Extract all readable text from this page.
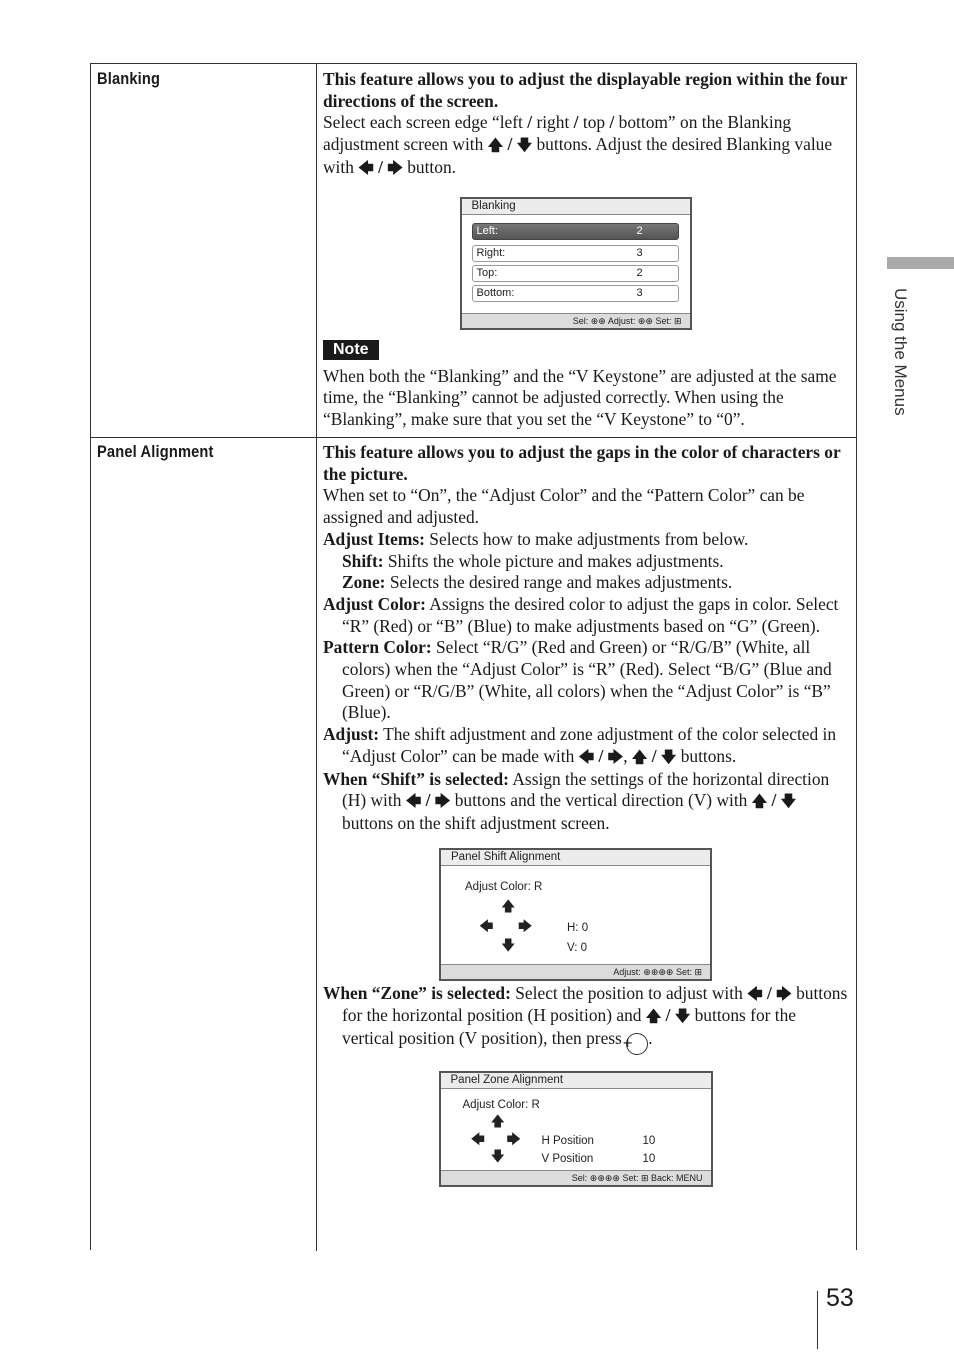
Using the Menus
Blanking	This feature allows you to adjust the displayable region within the four directions of the screen.

Select each screen edge “left / right / top / bottom” on the Blanking adjustment screen with 🡅 / 🡇 buttons. Adjust the desired Blanking value with 🡄 / 🡆 button.

Blanking
Left:	2
Right:	3
Top:	2
Bottom:	3
Sel: ⊕⊕ Adjust: ⊕⊕ Set: ⊞
Note

When both the “Blanking” and the “V Keystone” are adjusted at the same time, the “Blanking” cannot be adjusted correctly. When using the “Blanking”, make sure that you set the “V Keystone” to “0”.

Panel Alignment	This feature allows you to adjust the gaps in the color of characters or the picture.

When set to “On”, the “Adjust Color” and the “Pattern Color” can be assigned and adjusted.

Adjust Items: Selects how to make adjustments from below.

Shift: Shifts the whole picture and makes adjustments.

Zone: Selects the desired range and makes adjustments.

Adjust Color: Assigns the desired color to adjust the gaps in color. Select “R” (Red) or “B” (Blue) to make adjustments based on “G” (Green).

Pattern Color: Select “R/G” (Red and Green) or “R/G/B” (White, all colors) when the “Adjust Color” is “R” (Red). Select “B/G” (Blue and Green) or “R/G/B” (White, all colors) when the “Adjust Color” is “B” (Blue).

Adjust: The shift adjustment and zone adjustment of the color selected in “Adjust Color” can be made with 🡄 / 🡆, 🡅 / 🡇 buttons.

When “Shift” is selected: Assign the settings of the horizontal direction (H) with 🡄 / 🡆 buttons and the vertical direction (V) with 🡅 / 🡇 buttons on the shift adjustment screen.

Panel Shift Alignment
Adjust Color: R
🡅
🡄 🡆
🡇
H: 0
V: 0
Adjust: ⊕⊕⊕⊕ Set: ⊞

When “Zone” is selected: Select the position to adjust with 🡄 / 🡆 buttons for the horizontal position (H position) and 🡅 / 🡇 buttons for the vertical position (V position), then press + .

Panel Zone Alignment
Adjust Color: R
🡅
🡄 🡆
🡇
H Position	10
V Position	10
Sel: ⊕⊕⊕⊕ Set: ⊞ Back: MENU
53
